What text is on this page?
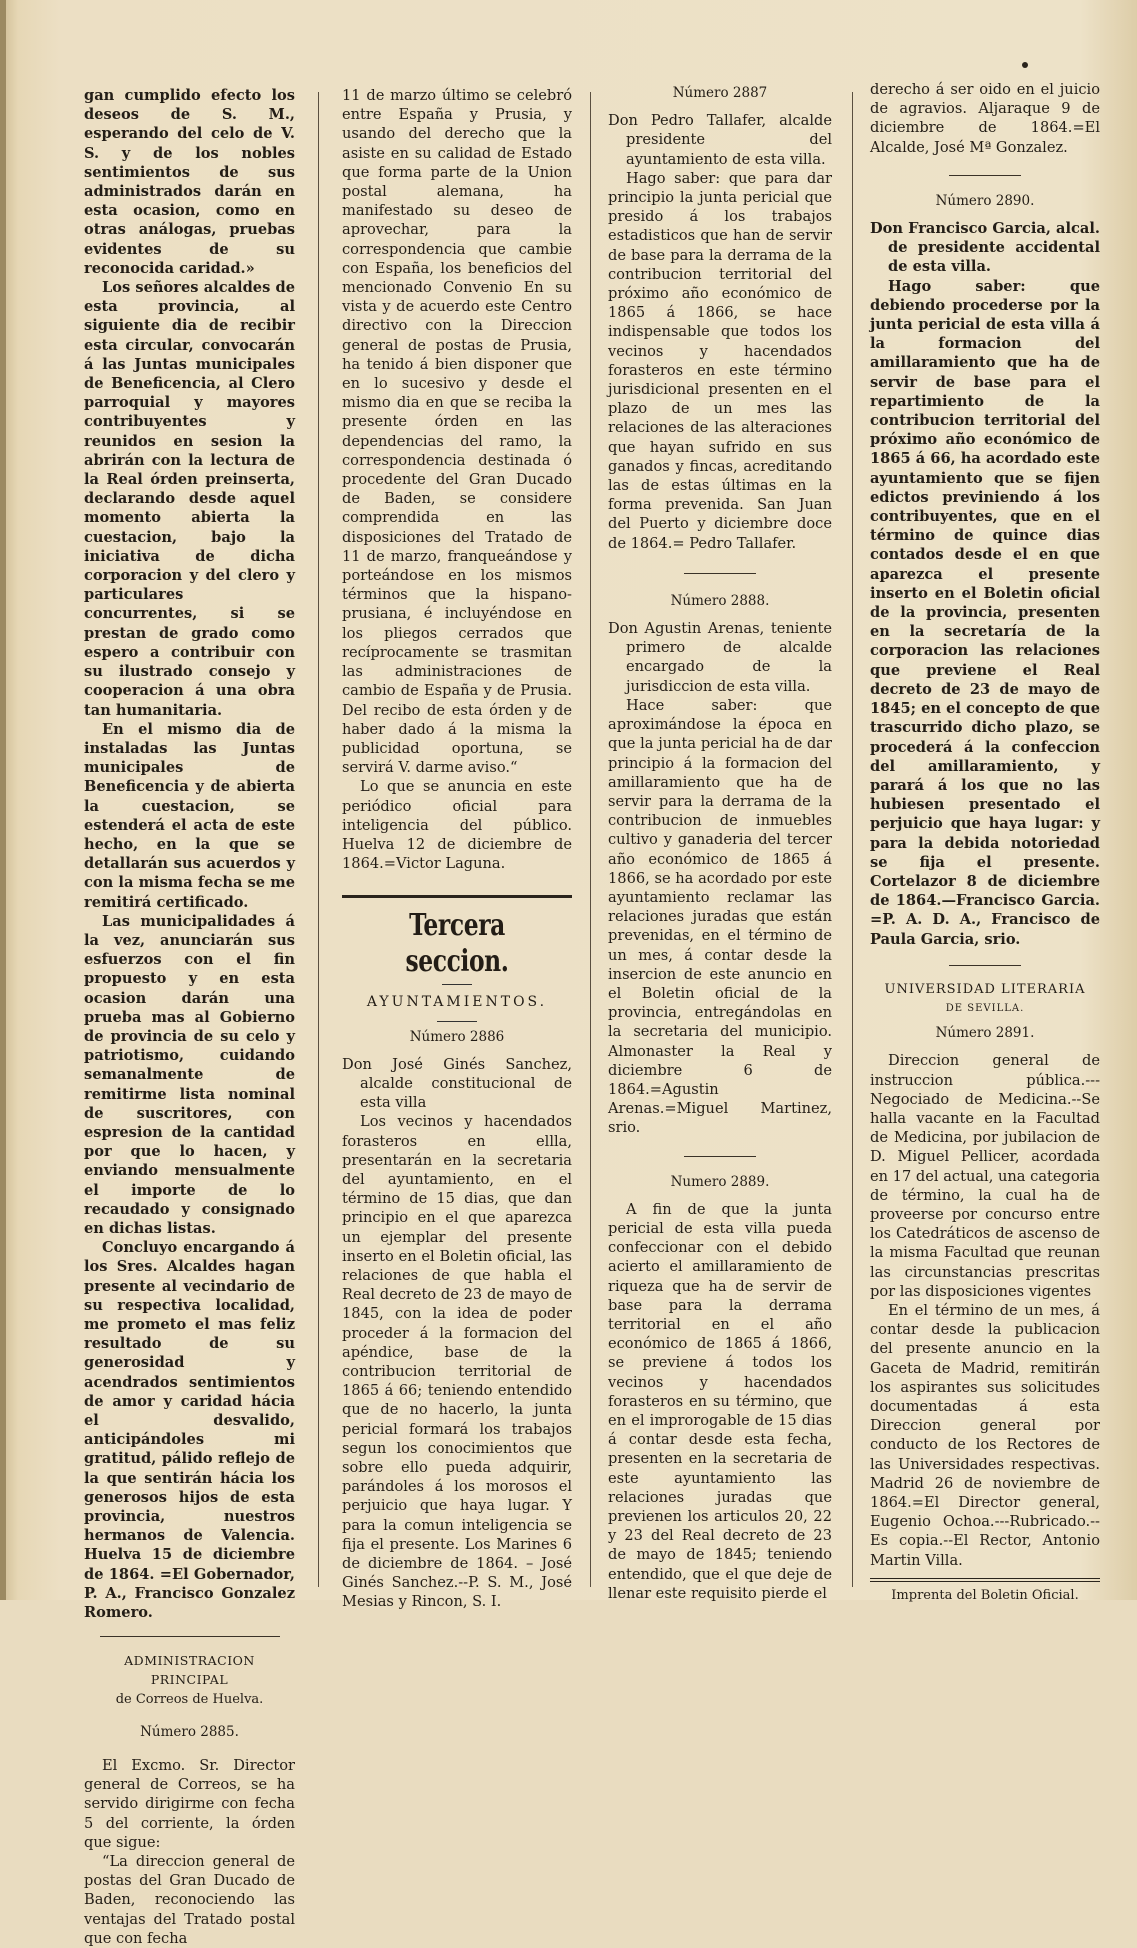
gan cumplido efecto los deseos de S. M., esperando del celo de V. S. y de los nobles sentimientos de sus administrados darán en esta ocasion, como en otras análogas, pruebas evidentes de su reconocida caridad.»

Los señores alcaldes de esta provincia, al siguiente dia de recibir esta circular, convocarán á las Juntas municipales de Beneficencia, al Clero parroquial y mayores contribuyentes y reunidos en sesion la abrirán con la lectura de la Real órden preinserta, declarando desde aquel momento abierta la cuestacion, bajo la iniciativa de dicha corporacion y del clero y particulares concurrentes, si se prestan de grado como espero a contribuir con su ilustrado consejo y cooperacion á una obra tan humanitaria.

En el mismo dia de instaladas las Juntas municipales de Beneficencia y de abierta la cuestacion, se estenderá el acta de este hecho, en la que se detallarán sus acuerdos y con la misma fecha se me remitirá certificado.

Las municipalidades á la vez, anunciarán sus esfuerzos con el fin propuesto y en esta ocasion darán una prueba mas al Gobierno de provincia de su celo y patriotismo, cuidando semanalmente de remitirme lista nominal de suscritores, con espresion de la cantidad por que lo hacen, y enviando mensualmente el importe de lo recaudado y consignado en dichas listas.

Concluyo encargando á los Sres. Alcaldes hagan presente al vecindario de su respectiva localidad, me prometo el mas feliz resultado de su generosidad y acendrados sentimientos de amor y caridad hácia el desvalido, anticipándoles mi gratitud, pálido reflejo de la que sentirán hácia los generosos hijos de esta provincia, nuestros hermanos de Valencia. Huelva 15 de diciembre de 1864. =El Gobernador, P. A., Francisco Gonzalez Romero.

ADMINISTRACION PRINCIPAL
de Correos de Huelva.
Número 2885.

El Excmo. Sr. Director general de Correos, se ha servido dirigirme con fecha 5 del corriente, la órden que sigue:

“La direccion general de postas del Gran Ducado de Baden, reconociendo las ventajas del Tratado postal que con fecha

11 de marzo último se celebró entre España y Prusia, y usando del derecho que la asiste en su calidad de Estado que forma parte de la Union postal alemana, ha manifestado su deseo de aprovechar, para la correspondencia que cambie con España, los beneficios del mencionado Convenio En su vista y de acuerdo este Centro directivo con la Direccion general de postas de Prusia, ha tenido á bien disponer que en lo sucesivo y desde el mismo dia en que se reciba la presente órden en las dependencias del ramo, la correspondencia destinada ó procedente del Gran Ducado de Baden, se considere comprendida en las disposiciones del Tratado de 11 de marzo, franqueándose y porteándose en los mismos términos que la hispano-prusiana, é incluyéndose en los pliegos cerrados que recíprocamente se trasmitan las administraciones de cambio de España y de Prusia. Del recibo de esta órden y de haber dado á la misma la publicidad oportuna, se servirá V. darme aviso.“

Lo que se anuncia en este periódico oficial para inteligencia del público. Huelva 12 de diciembre de 1864.=Victor Laguna.

Tercera seccion.
AYUNTAMIENTOS.
Número 2886

Don José Ginés Sanchez, alcalde constitucional de esta villa

Los vecinos y hacendados forasteros en ellla, presentarán en la secretaria del ayuntamiento, en el término de 15 dias, que dan principio en el que aparezca un ejemplar del presente inserto en el Boletin oficial, las relaciones de que habla el Real decreto de 23 de mayo de 1845, con la idea de poder proceder á la formacion del apéndice, base de la contribucion territorial de 1865 á 66; teniendo entendido que de no hacerlo, la junta pericial formará los trabajos segun los conocimientos que sobre ello pueda adquirir, parándoles á los morosos el perjuicio que haya lugar. Y para la comun inteligencia se fija el presente. Los Marines 6 de diciembre de 1864. – José Ginés Sanchez.--P. S. M., José Mesias y Rincon, S. I.

Número 2887

Don Pedro Tallafer, alcalde presidente del ayuntamiento de esta villa.

Hago saber: que para dar principio la junta pericial que presido á los trabajos estadisticos que han de servir de base para la derrama de la contribucion territorial del próximo año económico de 1865 á 1866, se hace indispensable que todos los vecinos y hacendados forasteros en este término jurisdicional presenten en el plazo de un mes las relaciones de las alteraciones que hayan sufrido en sus ganados y fincas, acreditando las de estas últimas en la forma prevenida. San Juan del Puerto y diciembre doce de 1864.= Pedro Tallafer.

Número 2888.

Don Agustin Arenas, teniente primero de alcalde encargado de la jurisdiccion de esta villa.

Hace saber: que aproximándose la época en que la junta pericial ha de dar principio á la formacion del amillaramiento que ha de servir para la derrama de la contribucion de inmuebles cultivo y ganaderia del tercer año económico de 1865 á 1866, se ha acordado por este ayuntamiento reclamar las relaciones juradas que están prevenidas, en el término de un mes, á contar desde la insercion de este anuncio en el Boletin oficial de la provincia, entregándolas en la secretaria del municipio. Almonaster la Real y diciembre 6 de 1864.=Agustin Arenas.=Miguel Martinez, srio.

Numero 2889.

A fin de que la junta pericial de esta villa pueda confeccionar con el debido acierto el amillaramiento de riqueza que ha de servir de base para la derrama territorial en el año económico de 1865 á 1866, se previene á todos los vecinos y hacendados forasteros en su término, que en el improrogable de 15 dias á contar desde esta fecha, presenten en la secretaria de este ayuntamiento las relaciones juradas que previenen los articulos 20, 22 y 23 del Real decreto de 23 de mayo de 1845; teniendo entendido, que el que deje de llenar este requisito pierde el

derecho á ser oido en el juicio de agravios. Aljaraque 9 de diciembre de 1864.=El Alcalde, José Mª Gonzalez.

Número 2890.

Don Francisco Garcia, alcal. de presidente accidental de esta villa.

Hago saber: que debiendo procederse por la junta pericial de esta villa á la formacion del amillaramiento que ha de servir de base para el repartimiento de la contribucion territorial del próximo año económico de 1865 á 66, ha acordado este ayuntamiento que se fijen edictos previniendo á los contribuyentes, que en el término de quince dias contados desde el en que aparezca el presente inserto en el Boletin oficial de la provincia, presenten en la secretaría de la corporacion las relaciones que previene el Real decreto de 23 de mayo de 1845; en el concepto de que trascurrido dicho plazo, se procederá á la confeccion del amillaramiento, y parará á los que no las hubiesen presentado el perjuicio que haya lugar: y para la debida notoriedad se fija el presente. Cortelazor 8 de diciembre de 1864.—Francisco Garcia. =P. A. D. A., Francisco de Paula Garcia, srio.

UNIVERSIDAD LITERARIA
DE SEVILLA.
Número 2891.

Direccion general de instruccion pública.---Negociado de Medicina.--Se halla vacante en la Facultad de Medicina, por jubilacion de D. Miguel Pellicer, acordada en 17 del actual, una categoria de término, la cual ha de proveerse por concurso entre los Catedráticos de ascenso de la misma Facultad que reunan las circunstancias prescritas por las disposiciones vigentes

En el término de un mes, á contar desde la publicacion del presente anuncio en la Gaceta de Madrid, remitirán los aspirantes sus solicitudes documentadas á esta Direccion general por conducto de los Rectores de las Universidades respectivas. Madrid 26 de noviembre de 1864.=El Director general, Eugenio Ochoa.---Rubricado.--Es copia.--El Rector, Antonio Martin Villa.

Imprenta del Boletin Oficial.
